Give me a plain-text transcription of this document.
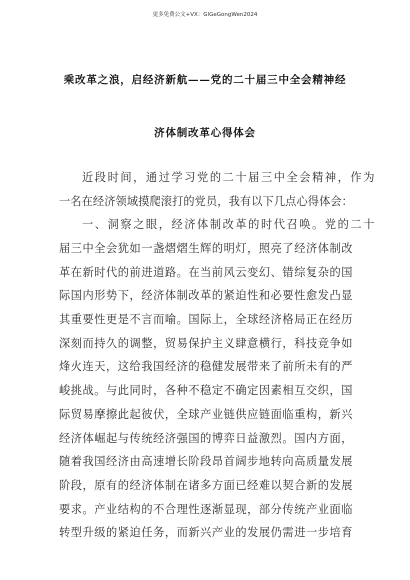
更多免费公文+VX：GlGeGongWen2024
乘改革之浪，启经济新航——党的二十届三中全会精神经
济体制改革心得体会
近段时间，通过学习党的二十届三中全会精神，作为
一名在经济领域摸爬滚打的党员，我有以下几点心得体会：
一、洞察之眼，经济体制改革的时代召唤。党的二十
届三中全会犹如一盏熠熠生辉的明灯，照亮了经济体制改
革在新时代的前进道路。在当前风云变幻、错综复杂的国
际国内形势下，经济体制改革的紧迫性和必要性愈发凸显
其重要性更是不言而喻。国际上，全球经济格局正在经历
深刻而持久的调整，贸易保护主义肆意横行，科技竞争如
烽火连天，这给我国经济的稳健发展带来了前所未有的严
峻挑战。与此同时，各种不稳定不确定因素相互交织，国
际贸易摩擦此起彼伏，全球产业链供应链面临重构，新兴
经济体崛起与传统经济强国的博弈日益激烈。国内方面，
随着我国经济由高速增长阶段昂首阔步地转向高质量发展
阶段，原有的经济体制在诸多方面已经难以契合新的发展
要求。产业结构的不合理性逐渐显现，部分传统产业面临
转型升级的紧迫任务，而新兴产业的发展仍需进一步培育
